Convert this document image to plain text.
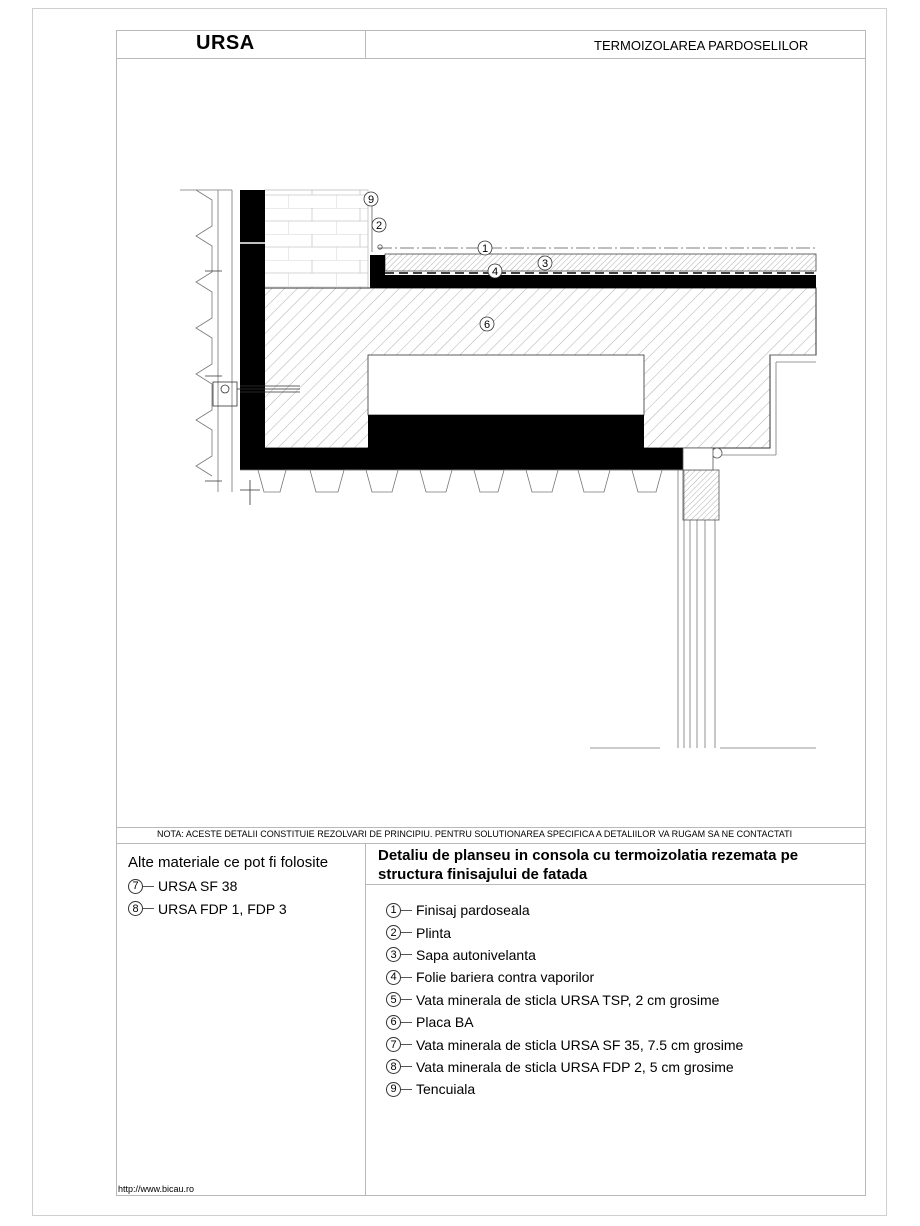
URSA	TERMOIZOLAREA PARDOSELILOR
9
2
1
3
4
6
NOTA: ACESTE DETALII CONSTITUIE REZOLVARI DE PRINCIPIU. PENTRU SOLUTIONAREA SPECIFICA A DETALIILOR VA RUGAM SA NE CONTACTATI
Alte materiale ce pot fi folosite
7	URSA SF 38
8	URSA FDP 1, FDP 3
Detaliu de planseu in consola cu termoizolatia rezemata pe structura finisajului de fatada
1	Finisaj pardoseala
2	Plinta
3	Sapa autonivelanta
4	Folie bariera contra vaporilor
5	Vata minerala de sticla URSA TSP, 2 cm grosime
6	Placa BA
7	Vata minerala de sticla URSA SF 35, 7.5 cm grosime
8	Vata minerala de sticla URSA FDP 2, 5 cm grosime
9	Tencuiala
http://www.bicau.ro
